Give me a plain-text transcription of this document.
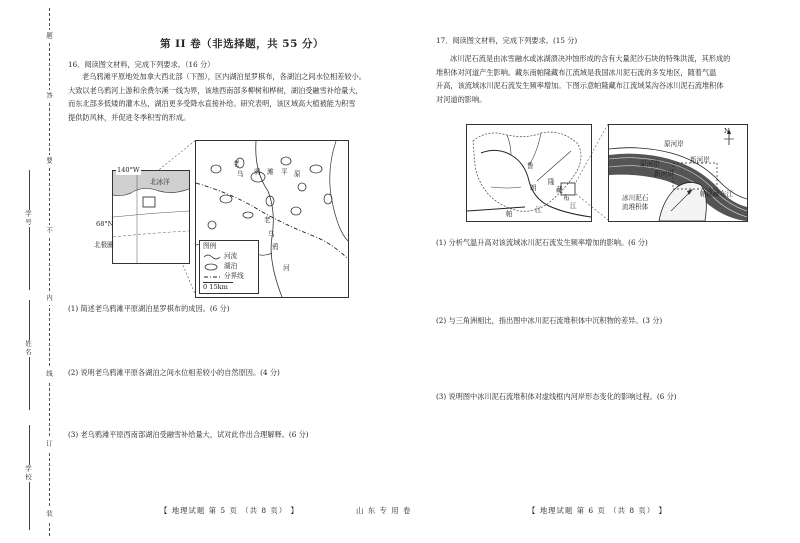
题
答
要
不
内
线
订
装
学号
姓名
学校
第 II 卷（非选择题，共 55 分）
16．阅读图文材料，完成下列要求。（16 分）
老乌鸦滩平原地处加拿大西北部（下图），区内湖泊星罗棋布，各湖泊之间水位相差较小。
大致以老乌鸦河上游和余费尔溪一线为界，该地西南部多柳树和桦树，湖泊受融雪补给量大，
而东北部多低矮的灌木丛，湖泊更多受降水直接补给。研究表明，该区域高大植被能为积雪
提供防风林，并促进冬季积雪的形成。
140°W
北冰洋
68°N
北极圈
老
乌 鸦 滩 平 原
老
乌
鸦
河
图例
河流
湖泊
分界线
0 15km
(1) 简述老乌鸦滩平原湖泊星罗棋布的成因。(6 分)
(2) 说明老乌鸦滩平原各湖泊之间水位相差较小的自然原因。(4 分)
(3) 老乌鸦滩平原西南部湖泊受融雪补给量大，试对此作出合理解释。(6 分)
17．阅读图文材料，完成下列要求。(15 分)
冰川泥石流是由冰雪融水或冰湖溃决冲蚀形成的含有大量泥沙石块的特殊洪流，其形成的
堆积体对河道产生影响。藏东南帕隆藏布江流域是我国冰川泥石流的多发地区，随着气温
升高，该流域冰川泥石流发生频率增加。下图示意帕隆藏布江流域某沟谷冰川泥石流堆积体
对河道的影响。
鲁
朗
江
帕
隆
藏
布
江
N
原河岸
新河岸
原河岸
新河岸
冰川泥石
流堆积体
帕隆藏布江
(1) 分析气温升高对该流域冰川泥石流发生频率增加的影响。(6 分)
(2) 与三角洲相比，指出图中冰川泥石流堆积体中沉积物的差异。(3 分)
(3) 说明图中冰川泥石流堆积体对虚线框内河岸形态变化的影响过程。(6 分)
【 地理试题 第 5 页 （共 8 页） 】	山 东 专 用 卷	【 地理试题 第 6 页 （共 8 页） 】
